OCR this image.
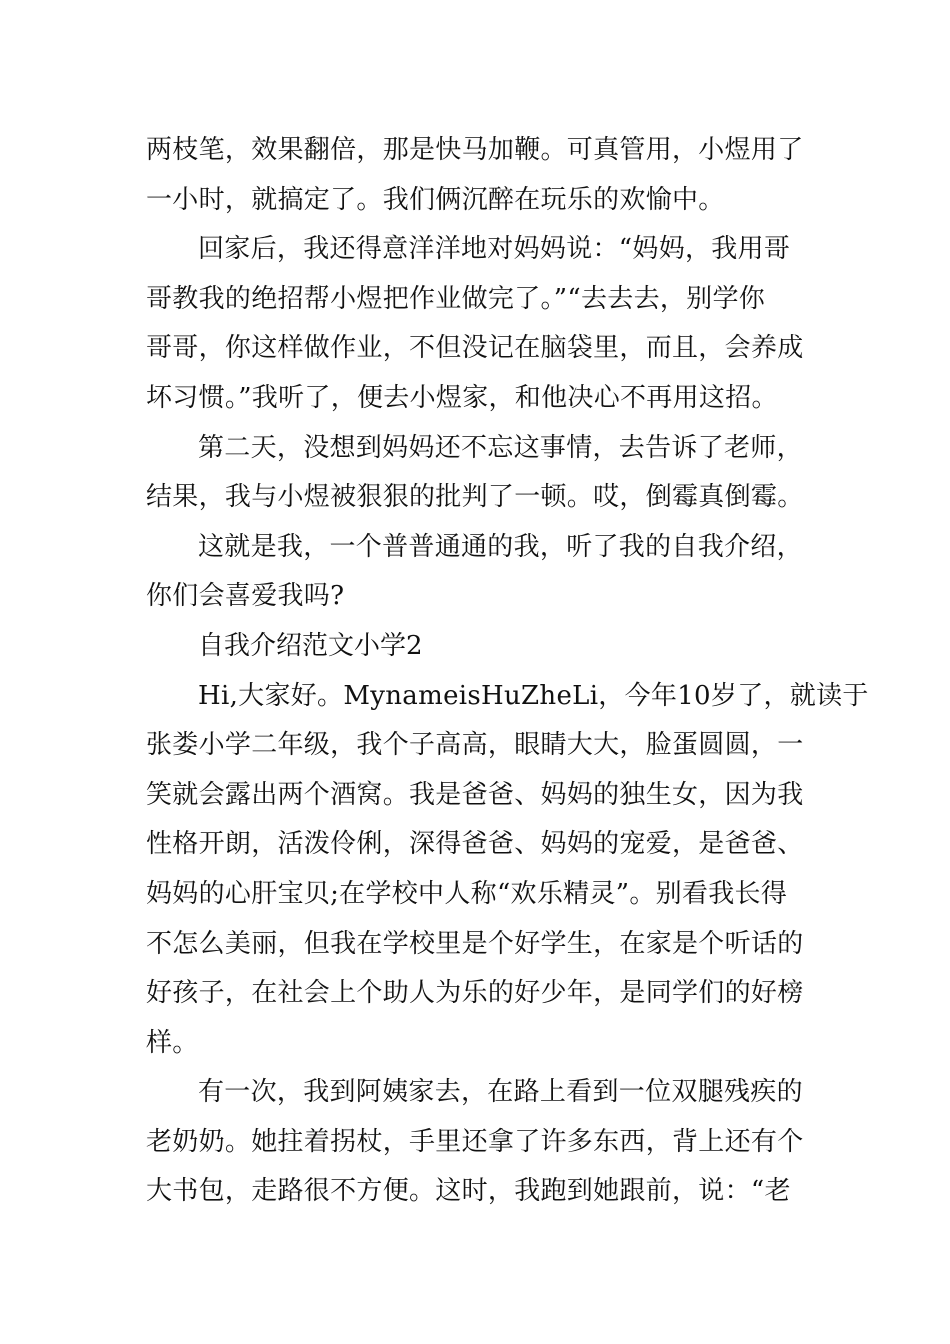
两枝笔，效果翻倍，那是快马加鞭。可真管用，小煜用了
一小时，就搞定了。我们俩沉醉在玩乐的欢愉中。
回家后，我还得意洋洋地对妈妈说：“妈妈，我用哥
哥教我的绝招帮小煜把作业做完了。”“去去去，别学你
哥哥，你这样做作业，不但没记在脑袋里，而且，会养成
坏习惯。”我听了，便去小煜家，和他决心不再用这招。
第二天，没想到妈妈还不忘这事情，去告诉了老师，
结果，我与小煜被狠狠的批判了一顿。哎，倒霉真倒霉。
这就是我，一个普普通通的我，听了我的自我介绍，
你们会喜爱我吗?
自我介绍范文小学2
Hi,大家好。MynameisHuZheLi，今年10岁了，就读于
张娄小学二年级，我个子高高，眼睛大大，脸蛋圆圆，一
笑就会露出两个酒窝。我是爸爸、妈妈的独生女，因为我
性格开朗，活泼伶俐，深得爸爸、妈妈的宠爱，是爸爸、
妈妈的心肝宝贝;在学校中人称“欢乐精灵”。别看我长得
不怎么美丽，但我在学校里是个好学生，在家是个听话的
好孩子，在社会上个助人为乐的好少年，是同学们的好榜
样。
有一次，我到阿姨家去，在路上看到一位双腿残疾的
老奶奶。她拄着拐杖，手里还拿了许多东西，背上还有个
大书包，走路很不方便。这时，我跑到她跟前，说：“老
